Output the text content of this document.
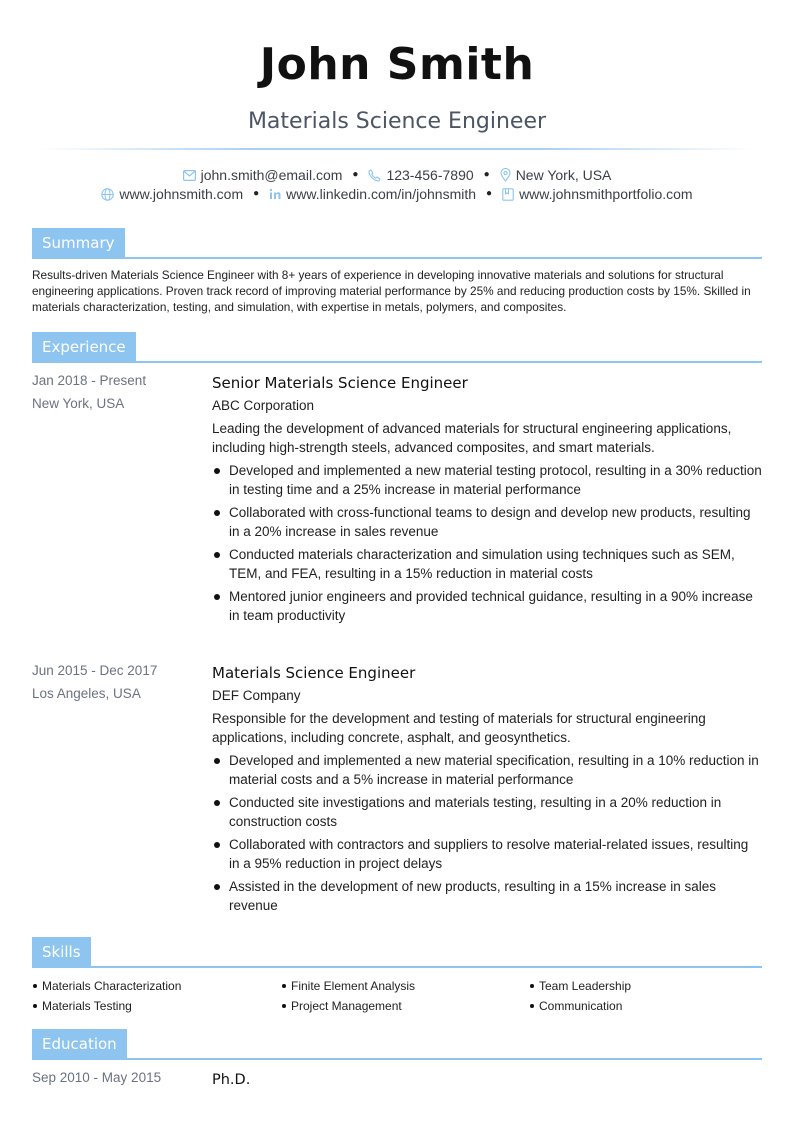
John Smith
Materials Science Engineer
john.smith@email.com ● 123-456-7890 ● New York, USA
www.johnsmith.com ● www.linkedin.com/in/johnsmith ● www.johnsmithportfolio.com
Summary
Results-driven Materials Science Engineer with 8+ years of experience in developing innovative materials and solutions for structural engineering applications. Proven track record of improving material performance by 25% and reducing production costs by 15%. Skilled in materials characterization, testing, and simulation, with expertise in metals, polymers, and composites.
Experience
Jan 2018 - Present
New York, USA
Senior Materials Science Engineer
ABC Corporation
Leading the development of advanced materials for structural engineering applications, including high-strength steels, advanced composites, and smart materials.
Developed and implemented a new material testing protocol, resulting in a 30% reduction in testing time and a 25% increase in material performance
Collaborated with cross-functional teams to design and develop new products, resulting in a 20% increase in sales revenue
Conducted materials characterization and simulation using techniques such as SEM, TEM, and FEA, resulting in a 15% reduction in material costs
Mentored junior engineers and provided technical guidance, resulting in a 90% increase in team productivity
Jun 2015 - Dec 2017
Los Angeles, USA
Materials Science Engineer
DEF Company
Responsible for the development and testing of materials for structural engineering applications, including concrete, asphalt, and geosynthetics.
Developed and implemented a new material specification, resulting in a 10% reduction in material costs and a 5% increase in material performance
Conducted site investigations and materials testing, resulting in a 20% reduction in construction costs
Collaborated with contractors and suppliers to resolve material-related issues, resulting in a 95% reduction in project delays
Assisted in the development of new products, resulting in a 15% increase in sales revenue
Skills
Materials Characterization
Materials Testing
Finite Element Analysis
Project Management
Team Leadership
Communication
Education
Sep 2010 - May 2015	Ph.D.
